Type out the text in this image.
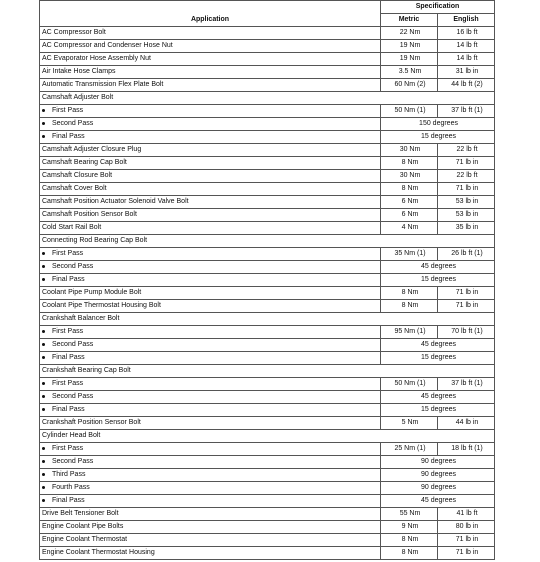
Application	Specification	
	Metric	English
AC Compressor Bolt	22 Nm	16 lb ft
AC Compressor and Condenser Hose Nut	19 Nm	14 lb ft
AC Evaporator Hose Assembly Nut	19 Nm	14 lb ft
Air Intake Hose Clamps	3.5 Nm	31 lb in
Automatic Transmission Flex Plate Bolt	60 Nm (2)	44 lb ft (2)
Camshaft Adjuster Bolt		
First Pass	50 Nm (1)	37 lb ft (1)
Second Pass	150 degrees	
Final Pass	15 degrees	
Camshaft Adjuster Closure Plug	30 Nm	22 lb ft
Camshaft Bearing Cap Bolt	8 Nm	71 lb in
Camshaft Closure Bolt	30 Nm	22 lb ft
Camshaft Cover Bolt	8 Nm	71 lb in
Camshaft Position Actuator Solenoid Valve Bolt	6 Nm	53 lb in
Camshaft Position Sensor Bolt	6 Nm	53 lb in
Cold Start Rail Bolt	4 Nm	35 lb in
Connecting Rod Bearing Cap Bolt		
First Pass	35 Nm (1)	26 lb ft (1)
Second Pass	45 degrees	
Final Pass	15 degrees	
Coolant Pipe Pump Module Bolt	8 Nm	71 lb in
Coolant Pipe Thermostat Housing Bolt	8 Nm	71 lb in
Crankshaft Balancer Bolt		
First Pass	95 Nm (1)	70 lb ft (1)
Second Pass	45 degrees	
Final Pass	15 degrees	
Crankshaft Bearing Cap Bolt		
First Pass	50 Nm (1)	37 lb ft (1)
Second Pass	45 degrees	
Final Pass	15 degrees	
Crankshaft Position Sensor Bolt	5 Nm	44 lb in
Cylinder Head Bolt		
First Pass	25 Nm (1)	18 lb ft (1)
Second Pass	90 degrees	
Third Pass	90 degrees	
Fourth Pass	90 degrees	
Final Pass	45 degrees	
Drive Belt Tensioner Bolt	55 Nm	41 lb ft
Engine Coolant Pipe Bolts	9 Nm	80 lb in
Engine Coolant Thermostat	8 Nm	71 lb in
Engine Coolant Thermostat Housing	8 Nm	71 lb in
